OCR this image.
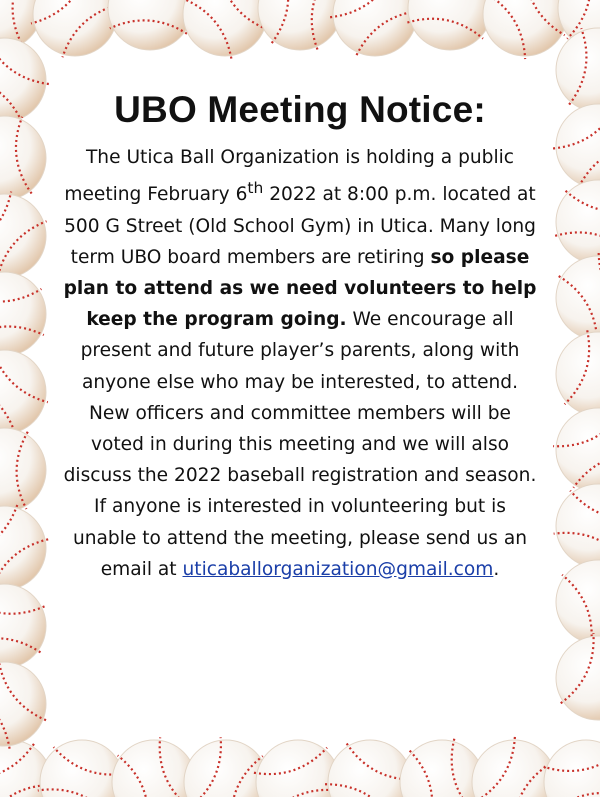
UBO Meeting Notice:

The Utica Ball Organization is holding a public meeting February 6th 2022 at 8:00 p.m. located at 500 G Street (Old School Gym) in Utica. Many long term UBO board members are retiring so please plan to attend as we need volunteers to help keep the program going. We encourage all present and future player’s parents, along with anyone else who may be interested, to attend. New officers and committee members will be voted in during this meeting and we will also discuss the 2022 baseball registration and season. If anyone is interested in volunteering but is unable to attend the meeting, please send us an email at uticaballorganization@gmail.com.
